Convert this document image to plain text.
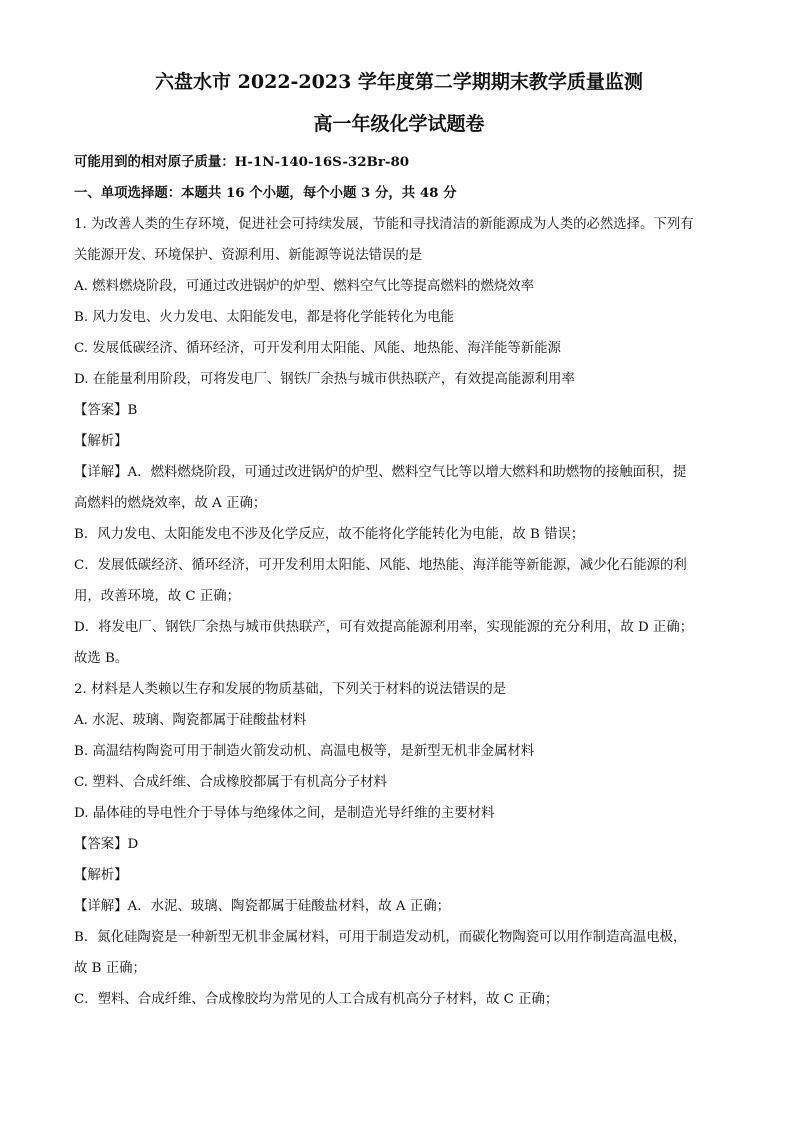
六盘水市 2022-2023 学年度第二学期期末教学质量监测
高一年级化学试题卷

可能用到的相对原子质量：H-1N-140-16S-32Br-80

一、单项选择题：本题共 16 个小题，每个小题 3 分，共 48 分

1. 为改善人类的生存环境，促进社会可持续发展，节能和寻找清洁的新能源成为人类的必然选择。下列有

关能源开发、环境保护、资源利用、新能源等说法错误的是

A. 燃料燃烧阶段，可通过改进锅炉的炉型、燃料空气比等提高燃料的燃烧效率

B. 风力发电、火力发电、太阳能发电，都是将化学能转化为电能

C. 发展低碳经济、循环经济，可开发利用太阳能、风能、地热能、海洋能等新能源

D. 在能量利用阶段，可将发电厂、钢铁厂余热与城市供热联产，有效提高能源利用率

【答案】B

【解析】

【详解】A．燃料燃烧阶段，可通过改进锅炉的炉型、燃料空气比等以增大燃料和助燃物的接触面积，提

高燃料的燃烧效率，故 A 正确；

B．风力发电、太阳能发电不涉及化学反应，故不能将化学能转化为电能，故 B 错误；

C．发展低碳经济、循环经济，可开发利用太阳能、风能、地热能、海洋能等新能源，减少化石能源的利

用，改善环境，故 C 正确；

D．将发电厂、钢铁厂余热与城市供热联产，可有效提高能源利用率，实现能源的充分利用，故 D 正确；

故选 B。

2. 材料是人类赖以生存和发展的物质基础，下列关于材料的说法错误的是

A. 水泥、玻璃、陶瓷都属于硅酸盐材料

B. 高温结构陶瓷可用于制造火箭发动机、高温电极等，是新型无机非金属材料

C. 塑料、合成纤维、合成橡胶都属于有机高分子材料

D. 晶体硅的导电性介于导体与绝缘体之间，是制造光导纤维的主要材料

【答案】D

【解析】

【详解】A．水泥、玻璃、陶瓷都属于硅酸盐材料，故 A 正确；

B．氮化硅陶瓷是一种新型无机非金属材料，可用于制造发动机，而碳化物陶瓷可以用作制造高温电极，

故 B 正确；

C．塑料、合成纤维、合成橡胶均为常见的人工合成有机高分子材料，故 C 正确；
